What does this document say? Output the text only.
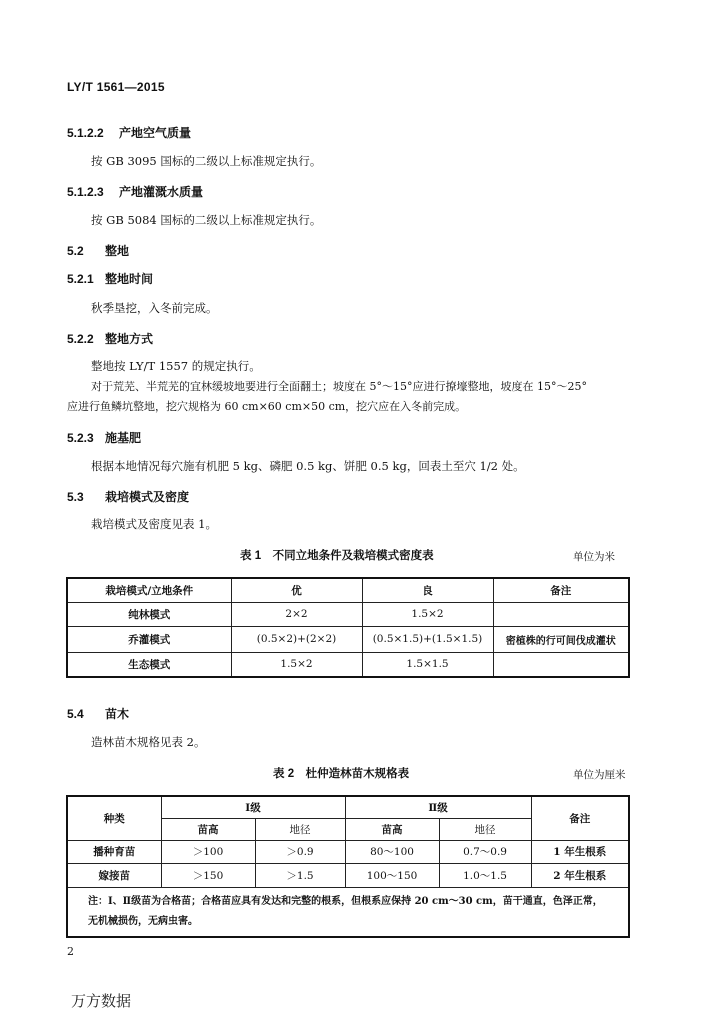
LY/T 1561—2015
5.1.2.2 产地空气质量
按 GB 3095 国标的二级以上标准规定执行。
5.1.2.3 产地灌溉水质量
按 GB 5084 国标的二级以上标准规定执行。
5.2 整地
5.2.1 整地时间
秋季垦挖，入冬前完成。
5.2.2 整地方式
整地按 LY/T 1557 的规定执行。
对于荒芜、半荒芜的宜林缓坡地要进行全面翻土；坡度在 5°～15°应进行撩壕整地，坡度在 15°～25°
应进行鱼鳞坑整地，挖穴规格为 60 cm×60 cm×50 cm，挖穴应在入冬前完成。
5.2.3 施基肥
根据本地情况每穴施有机肥 5 kg、磷肥 0.5 kg、饼肥 0.5 kg，回表土至穴 1/2 处。
5.3 栽培模式及密度
栽培模式及密度见表 1。
表 1　不同立地条件及栽培模式密度表	单位为米
栽培模式/立地条件	优	良	备注
纯林模式	2×2	1.5×2	
乔灌模式	(0.5×2)+(2×2)	(0.5×1.5)+(1.5×1.5)	密植株的行可间伐成灌状
生态模式	1.5×2	1.5×1.5	
5.4 苗木
造林苗木规格见表 2。
表 2　杜仲造林苗木规格表	单位为厘米
种类	Ⅰ级		Ⅱ级		备注
	苗高	地径	苗高	地径	
播种育苗	＞100	＞0.9	80～100	0.7～0.9	1 年生根系
嫁接苗	＞150	＞1.5	100～150	1.0～1.5	2 年生根系

注：Ⅰ、Ⅱ级苗为合格苗；合格苗应具有发达和完整的根系，但根系应保持 20 cm～30 cm，苗干通直，色泽正常，
无机械损伤，无病虫害。					
2
万方数据
